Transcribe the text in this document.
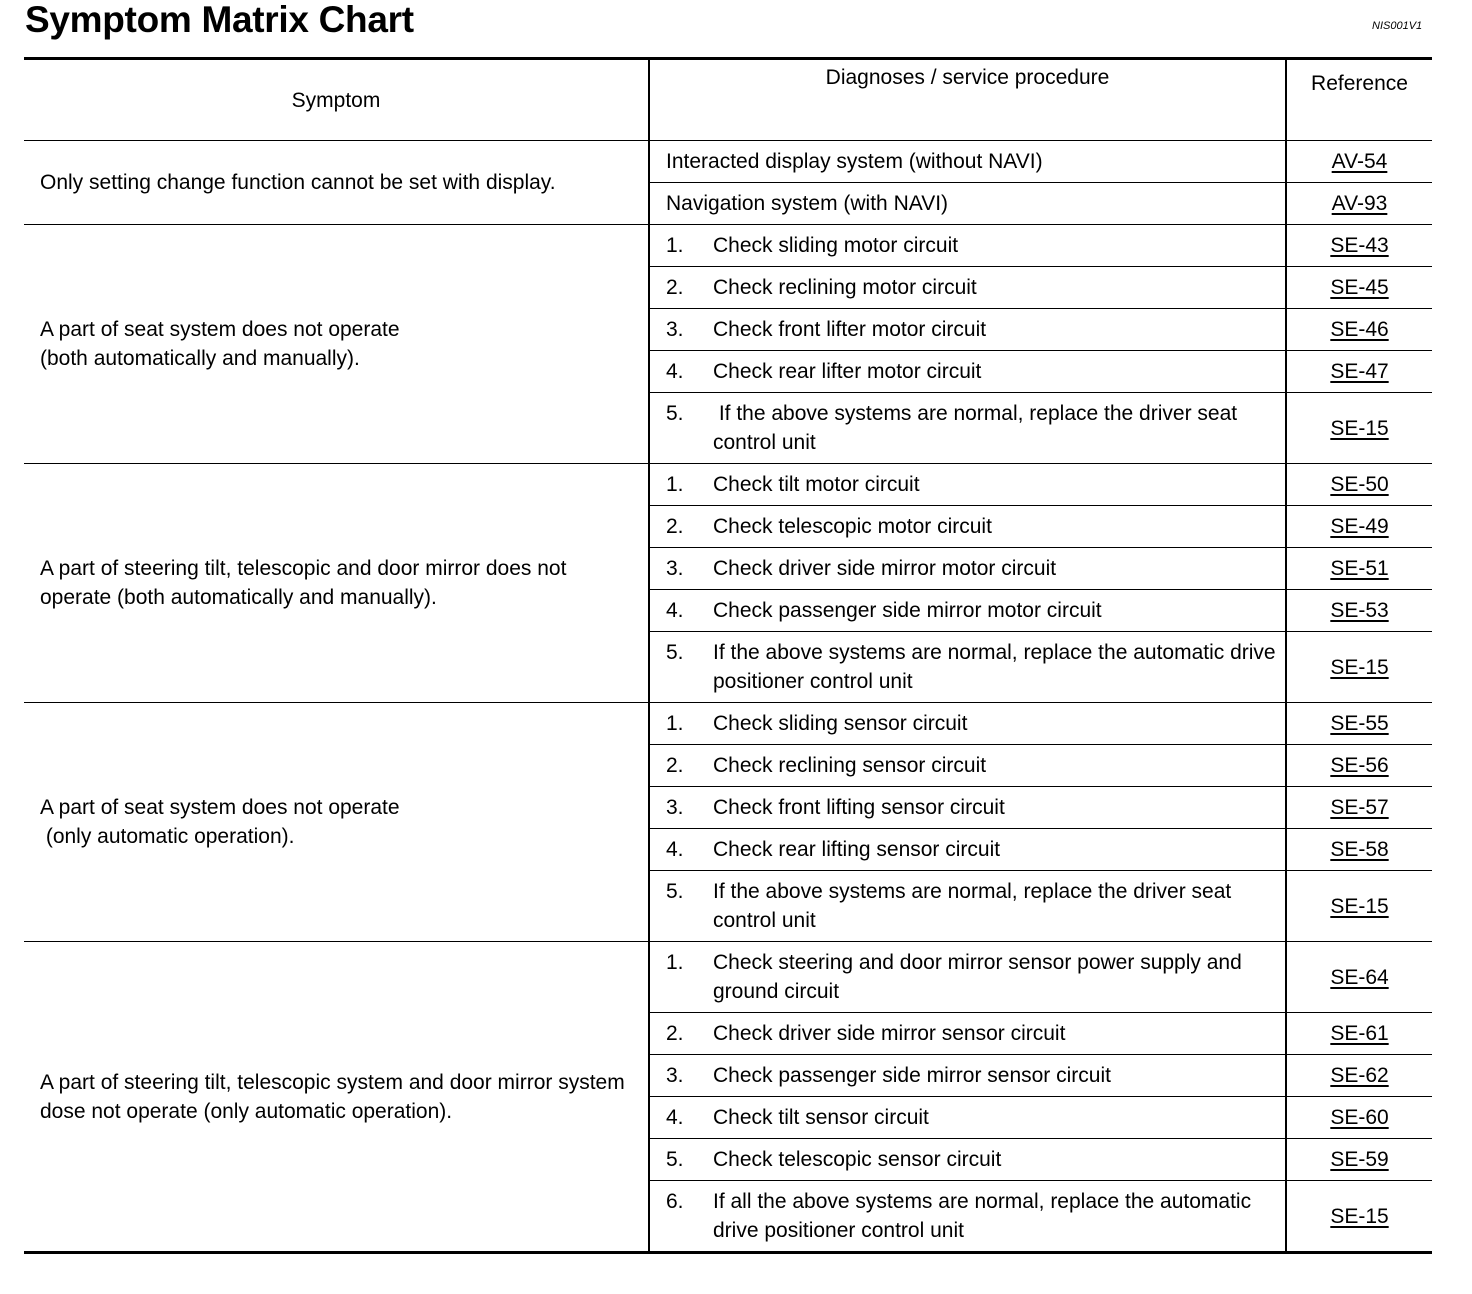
Symptom Matrix Chart	NIS001V1
Symptom	Diagnoses / service procedure	Reference
Only setting change function cannot be set with display.	Interacted display system (without NAVI)	AV-54

	Navigation system (with NAVI)	AV-93
A part of seat system does not operate
(both automatically and manually).	1. Check sliding motor circuit	SE-43

	2. Check reclining motor circuit	SE-45

	3. Check front lifter motor circuit	SE-46

	4. Check rear lifter motor circuit	SE-47

	5. If the above systems are normal, replace the driver seat control unit	SE-15
A part of steering tilt, telescopic and door mirror does not operate (both automatically and manually).	1. Check tilt motor circuit	SE-50

	2. Check telescopic motor circuit	SE-49

	3. Check driver side mirror motor circuit	SE-51

	4. Check passenger side mirror motor circuit	SE-53

	5. If the above systems are normal, replace the automatic drive positioner control unit	SE-15
A part of seat system does not operate
(only automatic operation).	1. Check sliding sensor circuit	SE-55

	2. Check reclining sensor circuit	SE-56

	3. Check front lifting sensor circuit	SE-57

	4. Check rear lifting sensor circuit	SE-58

	5. If the above systems are normal, replace the driver seat control unit	SE-15
A part of steering tilt, telescopic system and door mirror system dose not operate (only automatic operation).	1. Check steering and door mirror sensor power supply and ground circuit	SE-64

	2. Check driver side mirror sensor circuit	SE-61

	3. Check passenger side mirror sensor circuit	SE-62

	4. Check tilt sensor circuit	SE-60

	5. Check telescopic sensor circuit	SE-59

	6. If all the above systems are normal, replace the automatic drive positioner control unit	SE-15
